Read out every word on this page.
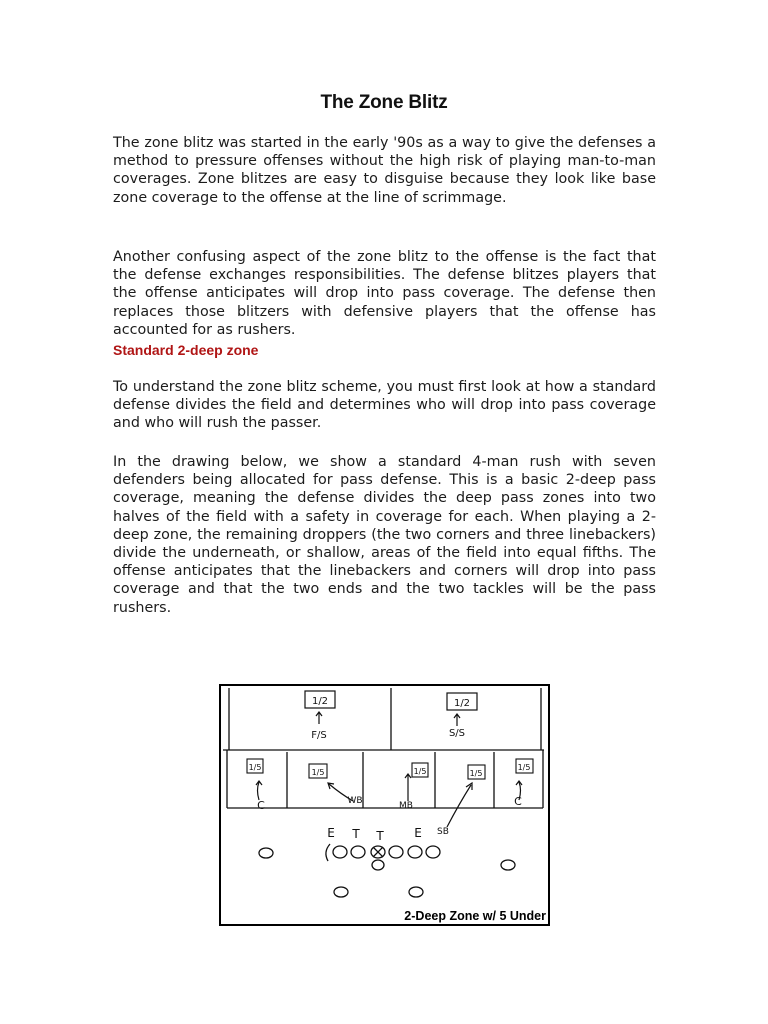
The Zone Blitz

The zone blitz was started in the early '90s as a way to give the defenses a method to pressure offenses without the high risk of playing man-to-man coverages. Zone blitzes are easy to disguise because they look like base zone coverage to the offense at the line of scrimmage.

Another confusing aspect of the zone blitz to the offense is the fact that the defense exchanges responsibilities. The defense blitzes players that the offense anticipates will drop into pass coverage. The defense then replaces those blitzers with defensive players that the offense has accounted for as rushers.

Standard 2-deep zone

To understand the zone blitz scheme, you must first look at how a standard defense divides the field and determines who will drop into pass coverage and who will rush the passer.

In the drawing below, we show a standard 4-man rush with seven defenders being allocated for pass defense. This is a basic 2-deep pass coverage, meaning the defense divides the deep pass zones into two halves of the field with a safety in coverage for each. When playing a 2-deep zone, the remaining droppers (the two corners and three linebackers) divide the underneath, or shallow, areas of the field into equal fifths. The offense anticipates that the linebackers and corners will drop into pass coverage and that the two ends and the two tackles will be the pass rushers.

1/2	1/2
F/S	S/S
1/5
1/5	1/5	1/5
1/5
C	WB	MB	C
E T T	E SB
2-Deep Zone w/ 5 Under
